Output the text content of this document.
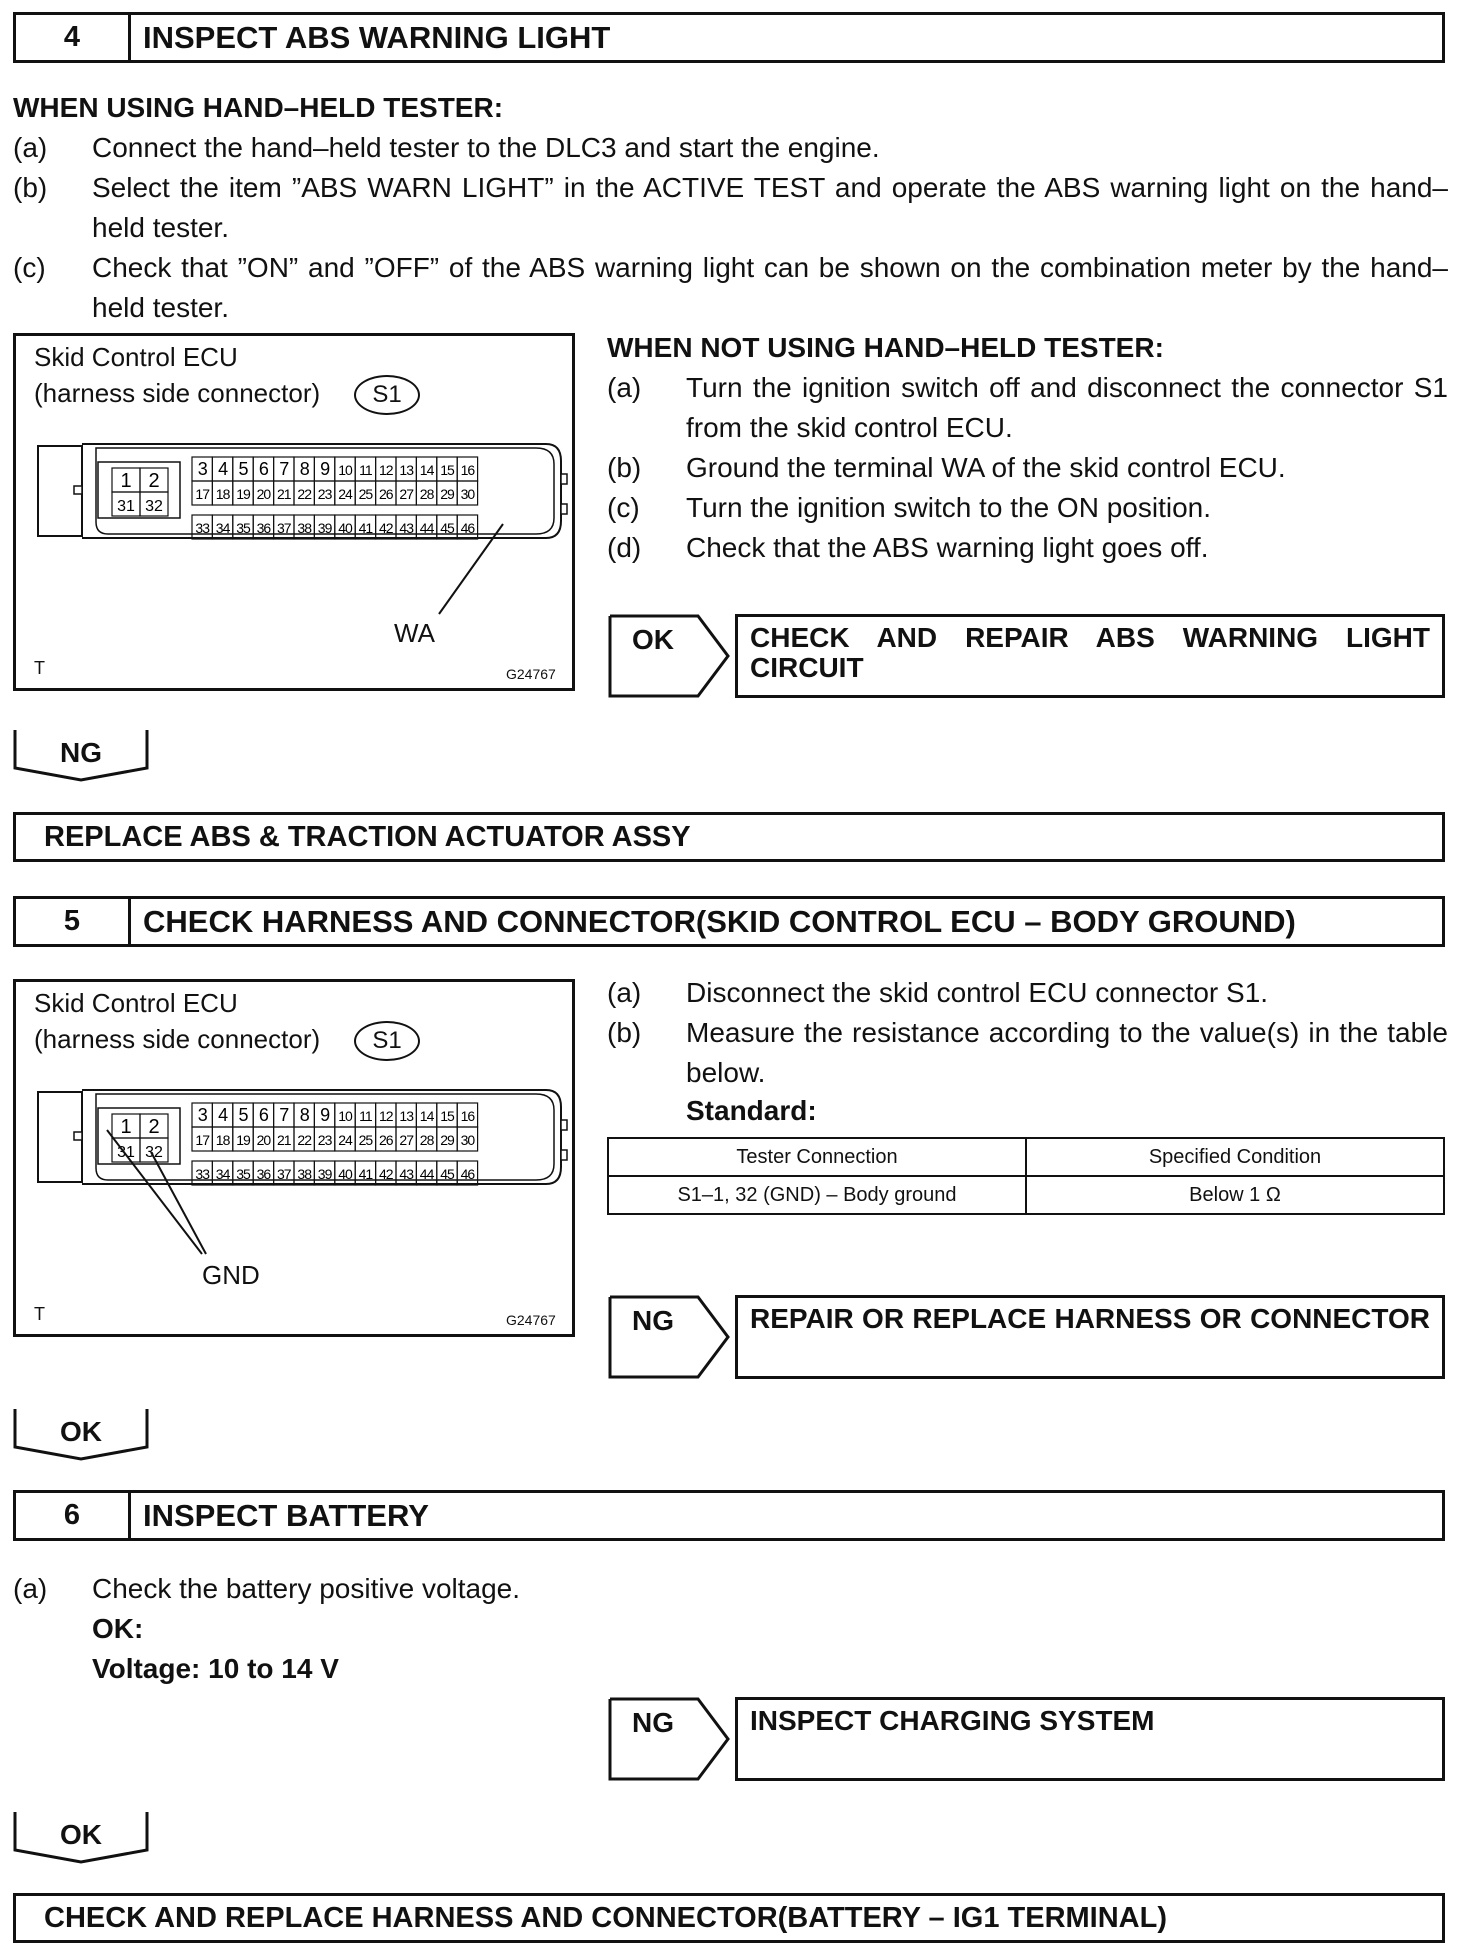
4	INSPECT ABS WARNING LIGHT
WHEN USING HAND–HELD TESTER:
(a) Connect the hand–held tester to the DLC3 and start the engine.
(b) Select the item ”ABS WARN LIGHT” in the ACTIVE TEST and operate the ABS warning light on the hand–held tester.
(c) Check that ”ON” and ”OFF” of the ABS warning light can be shown on the combination meter by the hand–held tester.
Skid Control ECU
(harness side connector)	S1
1 2
31 32
3 4 5 6 7 8 9 10 11 12 13 14 15 16
17 18 19 20 21 22 23 24 25 26 27 28 29 30
33 34 35 36 37 38 39 40 41 42 43 44 45 46
WA
T	G24767
WHEN NOT USING HAND–HELD TESTER:
(a) Turn the ignition switch off and disconnect the connector S1 from the skid control ECU.
(b) Ground the terminal WA of the skid control ECU.
(c) Turn the ignition switch to the ON position.
(d) Check that the ABS warning light goes off.
OK	CHECK AND REPAIR ABS WARNING LIGHT CIRCUIT
NG
REPLACE ABS & TRACTION ACTUATOR ASSY
5	CHECK HARNESS AND CONNECTOR(SKID CONTROL ECU – BODY GROUND)
Skid Control ECU
(harness side connector)	S1
1 2
31 32
3 4 5 6 7 8 9 10 11 12 13 14 15 16
17 18 19 20 21 22 23 24 25 26 27 28 29 30
33 34 35 36 37 38 39 40 41 42 43 44 45 46
GND
T	G24767
(a) Disconnect the skid control ECU connector S1.
(b) Measure the resistance according to the value(s) in the table below.
Standard:
Tester Connection	Specified Condition
S1–1, 32 (GND) – Body ground	Below 1 Ω
NG	REPAIR OR REPLACE HARNESS OR CONNECTOR
OK
6	INSPECT BATTERY
(a) Check the battery positive voltage.
OK:
Voltage: 10 to 14 V
NG	INSPECT CHARGING SYSTEM
OK
CHECK AND REPLACE HARNESS AND CONNECTOR(BATTERY – IG1 TERMINAL)
